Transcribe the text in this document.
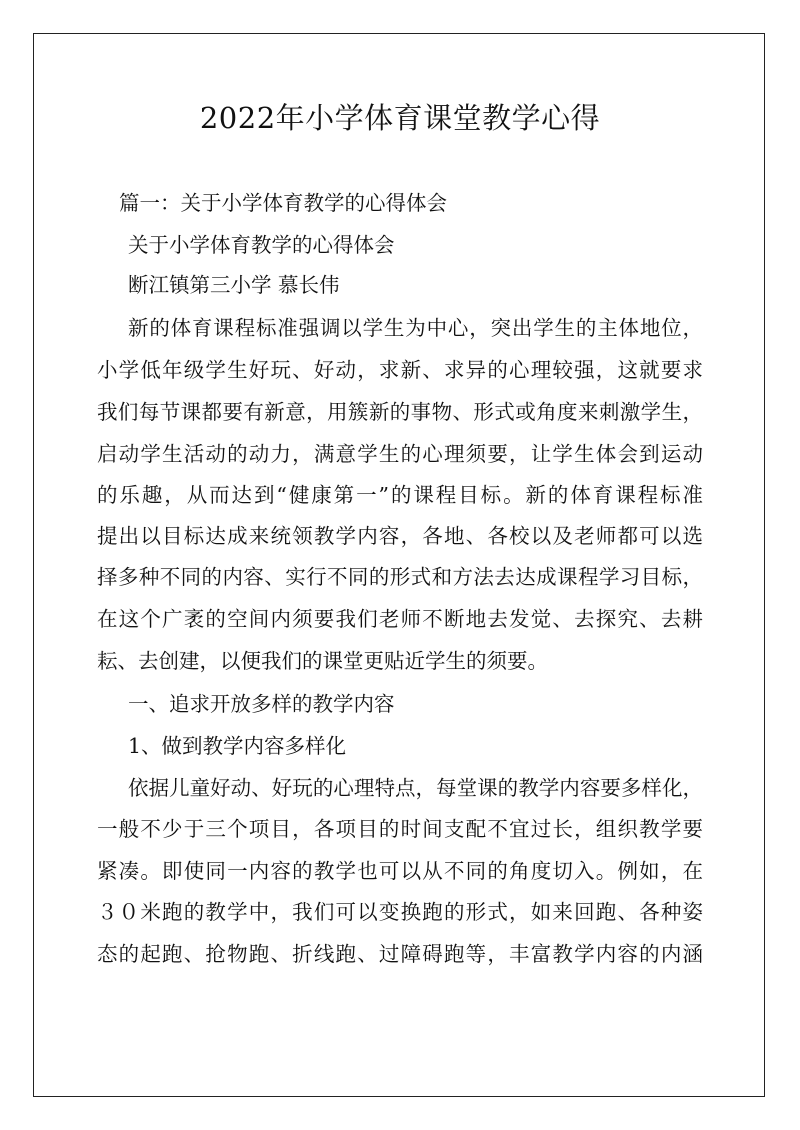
2022年小学体育课堂教学心得

篇一：关于小学体育教学的心得体会

关于小学体育教学的心得体会

断江镇第三小学 慕长伟

新的体育课程标准强调以学生为中心，突出学生的主体地位，

小学低年级学生好玩、好动，求新、求异的心理较强，这就要求

我们每节课都要有新意，用簇新的事物、形式或角度来刺激学生，

启动学生活动的动力，满意学生的心理须要，让学生体会到运动

的乐趣，从而达到“健康第一”的课程目标。新的体育课程标准

提出以目标达成来统领教学内容，各地、各校以及老师都可以选

择多种不同的内容、实行不同的形式和方法去达成课程学习目标，

在这个广袤的空间内须要我们老师不断地去发觉、去探究、去耕

耘、去创建，以便我们的课堂更贴近学生的须要。

一、追求开放多样的教学内容

1、做到教学内容多样化

依据儿童好动、好玩的心理特点，每堂课的教学内容要多样化，

一般不少于三个项目，各项目的时间支配不宜过长，组织教学要

紧凑。即使同一内容的教学也可以从不同的角度切入。例如，在

３０米跑的教学中，我们可以变换跑的形式，如来回跑、各种姿

态的起跑、抢物跑、折线跑、过障碍跑等，丰富教学内容的内涵
